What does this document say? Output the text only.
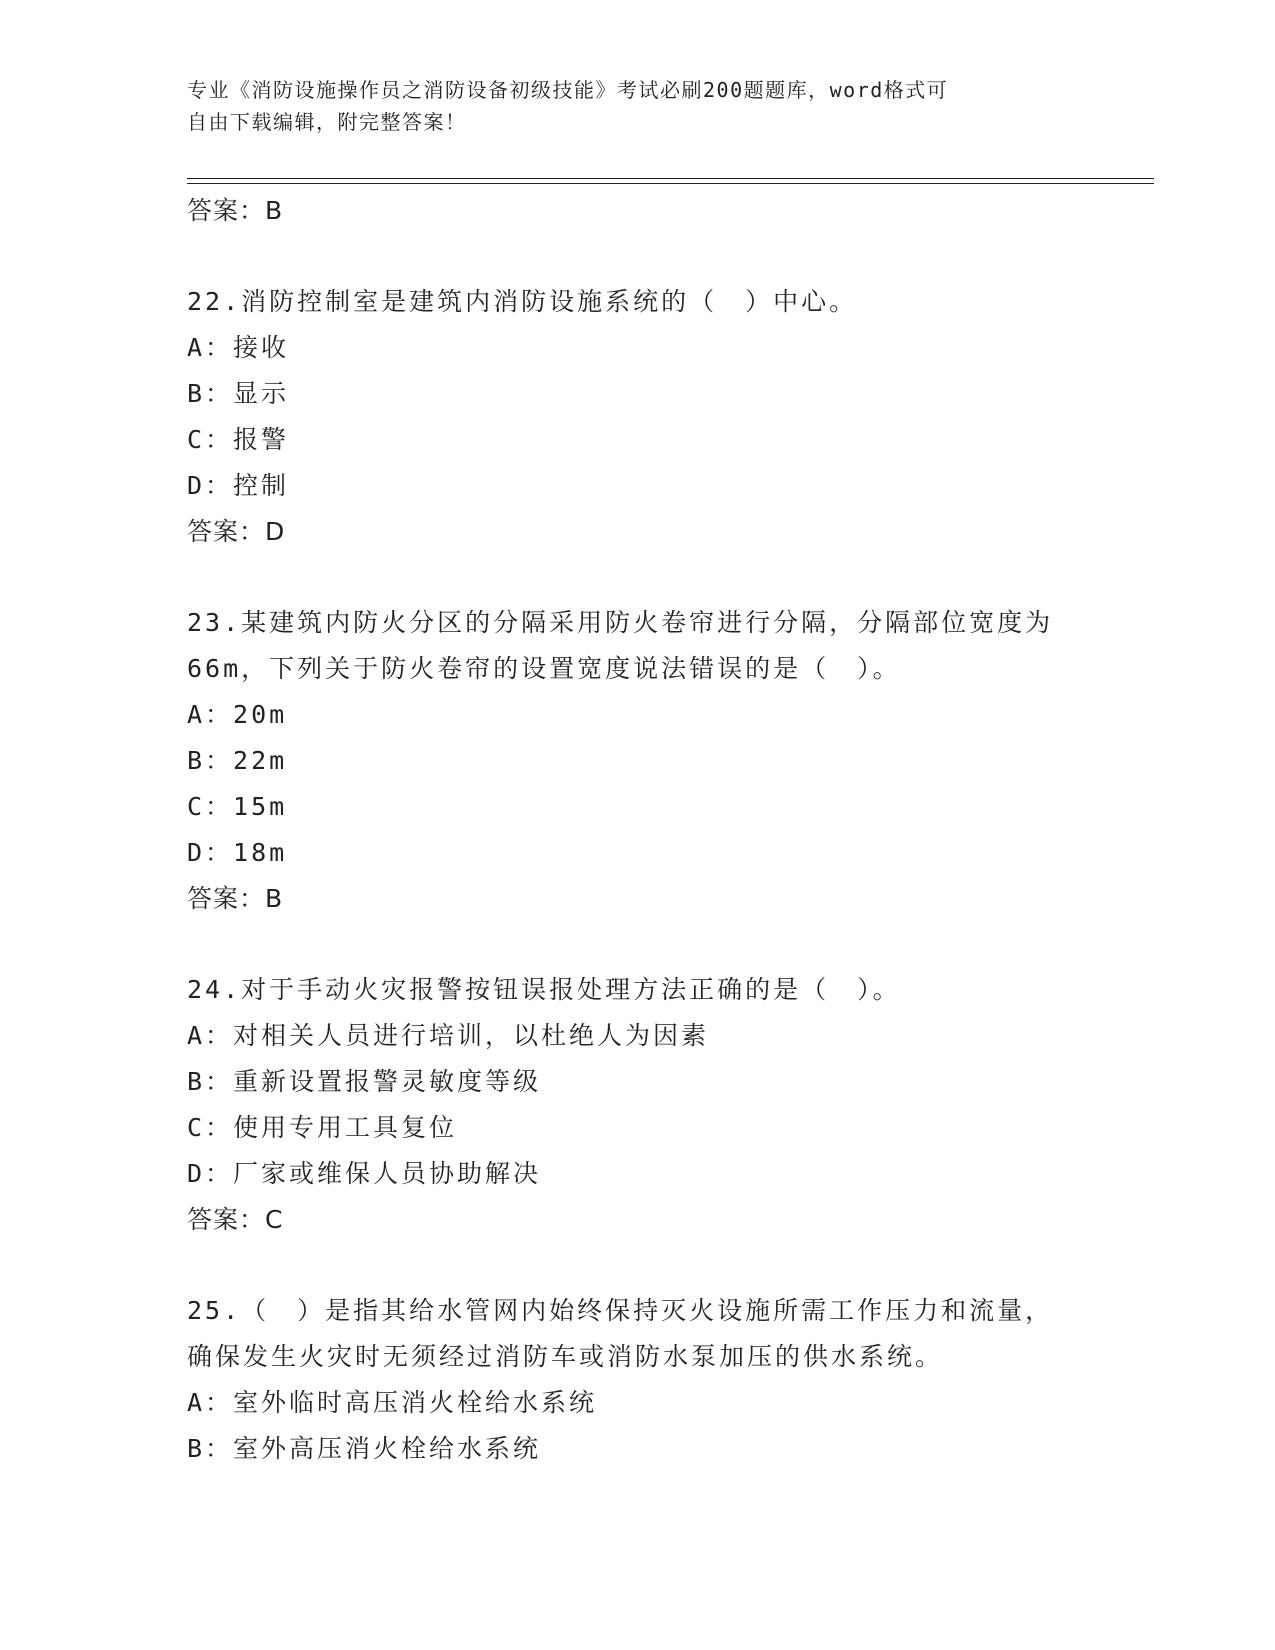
专业《消防设施操作员之消防设备初级技能》考试必刷200题题库，word格式可
自由下载编辑，附完整答案！
答案：B
22.消防控制室是建筑内消防设施系统的（　）中心。
A：接收
B：显示
C：报警
D：控制
答案：D
23.某建筑内防火分区的分隔采用防火卷帘进行分隔，分隔部位宽度为
66m，下列关于防火卷帘的设置宽度说法错误的是（　）。
A：20m
B：22m
C：15m
D：18m
答案：B
24.对于手动火灾报警按钮误报处理方法正确的是（　）。
A：对相关人员进行培训，以杜绝人为因素
B：重新设置报警灵敏度等级
C：使用专用工具复位
D：厂家或维保人员协助解决
答案：C
25.（　）是指其给水管网内始终保持灭火设施所需工作压力和流量，
确保发生火灾时无须经过消防车或消防水泵加压的供水系统。
A：室外临时高压消火栓给水系统
B：室外高压消火栓给水系统
